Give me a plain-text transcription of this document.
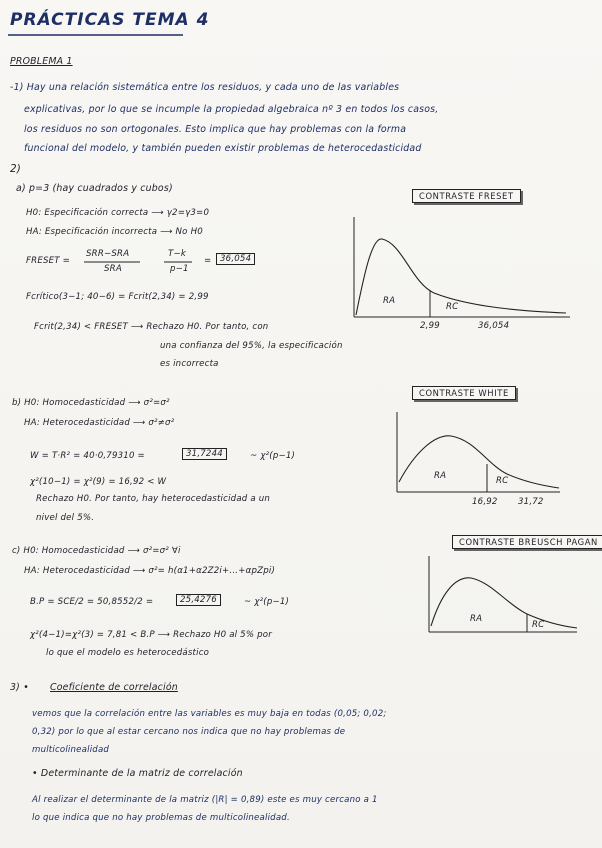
PRÁCTICAS TEMA 4
PROBLEMA 1
-1) Hay una relación sistemática entre los residuos, y cada uno de las variables
explicativas, por lo que se incumple la propiedad algebraica nº 3 en todos los casos,
los residuos no son ortogonales. Esto implica que hay problemas con la forma
funcional del modelo, y también pueden existir problemas de heterocedasticidad
2)
a) p=3 (hay cuadrados y cubos)
H0: Especificación correcta ⟶ γ2=γ3=0
HA: Especificación incorrecta ⟶ No H0
FRESET =
SRR−SRA
SRA
T−k
p−1
= 36,054
Fcrítico(3−1; 40−6) = Fcrit(2,34) = 2,99
Fcrit(2,34) < FRESET ⟶ Rechazo H0. Por tanto, con
una confianza del 95%, la especificación
es incorrecta
CONTRASTE FRESET
RA
RC
2,99	36,054
b) H0: Homocedasticidad ⟶ σ²=σ²
HA: Heterocedasticidad ⟶ σ²≠σ²
W = T·R² = 40·0,79310 =	31,7244	~ χ²(p−1)
χ²(10−1) = χ²(9) = 16,92 < W
Rechazo H0. Por tanto, hay heterocedasticidad a un
nivel del 5%.
CONTRASTE WHITE
RA	RC
16,92 31,72
c) H0: Homocedasticidad ⟶ σ²=σ² ∀i
HA: Heterocedasticidad ⟶ σ²= h(α1+α2Z2i+...+αpZpi)
B.P = SCE/2 = 50,8552/2 =	25,4276	~ χ²(p−1)
χ²(4−1)=χ²(3) = 7,81 < B.P ⟶ Rechazo H0 al 5% por
lo que el modelo es heterocedástico
CONTRASTE BREUSCH PAGAN
RA
RC
3) • Coeficiente de correlación
vemos que la correlación entre las variables es muy baja en todas (0,05; 0,02;
0,32) por lo que al estar cercano nos indica que no hay problemas de
multicolinealidad
• Determinante de la matriz de correlación
Al realizar el determinante de la matriz (|R| = 0,89) este es muy cercano a 1
lo que indica que no hay problemas de multicolinealidad.
